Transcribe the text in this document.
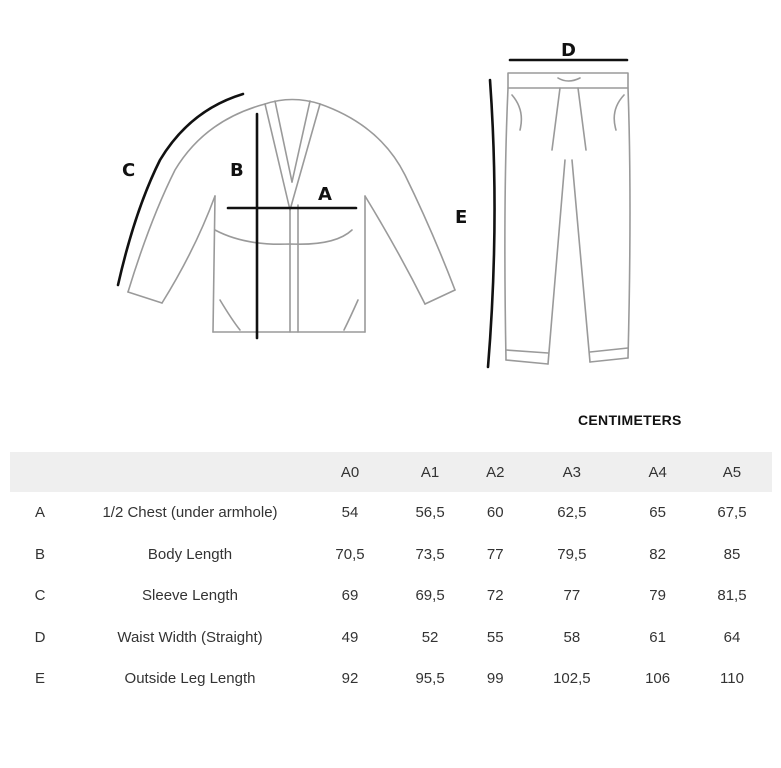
C	B
A
D
E
CENTIMETERS
		A0	A1	A2	A3	A4	A5
A	1/2 Chest (under armhole)	54	56,5	60	62,5	65	67,5
B	Body Length	70,5	73,5	77	79,5	82	85
C	Sleeve Length	69	69,5	72	77	79	81,5
D	Waist Width (Straight)	49	52	55	58	61	64
E	Outside Leg Length	92	95,5	99	102,5	106	110
